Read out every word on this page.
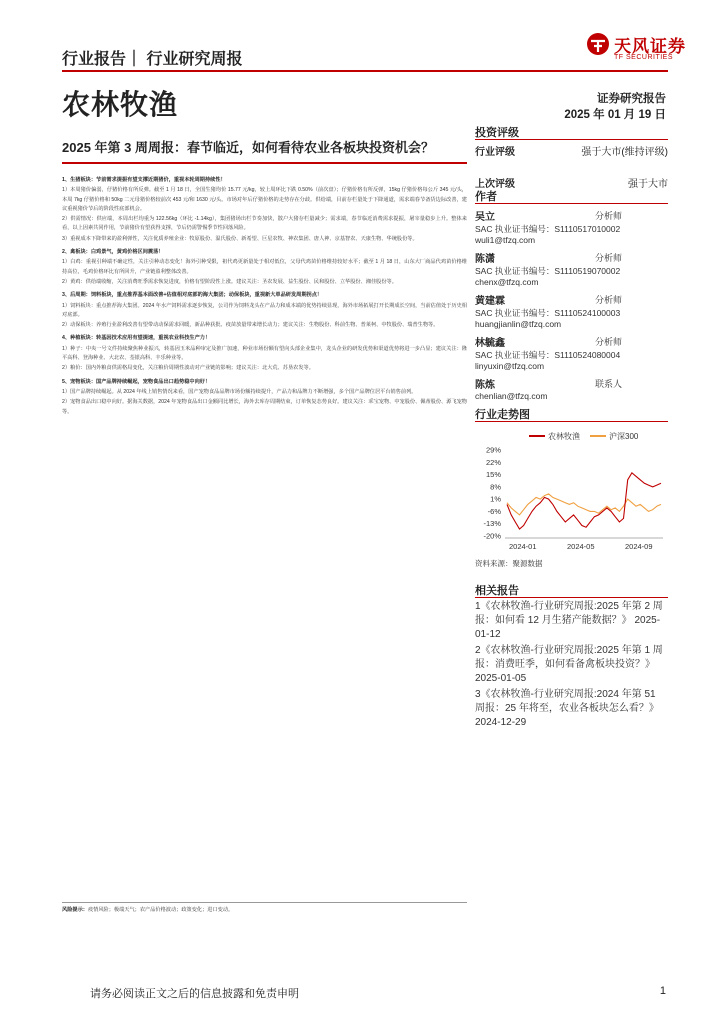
行业报告｜ 行业研究周报
天风证券
TF SECURITIES
农林牧渔	证券研究报告
2025 年 01 月 19 日
2025 年第 3 周周报：春节临近，如何看待农业各板块投资机会？
1、生猪板块：节前需求提振有望支撑近期猪价，重视本轮周期持续性！

1）本周猪价偏弱，仔猪价格有所反弹。截至 1 月 18 日，全国生猪均价 15.77 元/kg，较上周环比下跌 0.50%（前次盘）；仔猪价格有所反弹，15kg 仔猪价格每公斤 345 元/头，本周 7kg 仔猪价格和 50kg 二元母猪价格较前次 453 元/和 1630 元/头。市场对年后仔猪价格的走势存在分歧。供给端，目前存栏量处于下降通道，需求端春节备货边际改善，建议重视猪价节后的阶段性底部机会。

2）供需情况：供应端，本周出栏均重为 122.56kg（环比 -1.14kg），集团猪场出栏节奏加快，散户大猪存栏量减少；需求端，春节临近消费需求提振，屠宰量稳步上升。整体来看，以上因素共同作用，节前猪价有望获得支撑，节后仍需警惕季节性回落风险。

3）重视成本下降带来的盈利弹性，关注优质养殖企业：牧原股份、温氏股份、新希望、巨星农牧、神农集团、唐人神、京基智农、天康生物、华统股份等。

2、禽板块：白鸡景气，黄鸡价格区间震荡！

1）白鸡：重视引种端不确定性，关注引种动态变化！海外引种受限，祖代鸡更新量处于相对低位，父母代鸡苗价格维持较好水平；截至 1 月 18 日，山东大厂商品代鸡苗价格维持高位，毛鸡价格环比有所回升，产业链盈利整体改善。

2）黄鸡：供给端收缩，关注消费旺季需求恢复进度，价格有望阶段性上涨。建议关注：圣农发展、益生股份、民和股份、立华股份、湘佳股份等。

3、后周期：饲料板块，重点推荐基本面改善+估值相对底部的海大集团；动保板块，重视新大单品研发周期拐点！

1）饲料板块：重点推荐海大集团。2024 年水产饲料需求逐步恢复，公司作为饲料龙头在产品力和成本端的优势持续显现，海外市场拓展打开长期成长空间，当前估值处于历史相对底部。

2）动保板块：养殖行业盈利改善有望带动动保需求回暖，新品种获批、疫苗放量带来增长动力；建议关注：生物股份、科前生物、普莱柯、中牧股份、瑞普生物等。

4、种植板块：转基因技术应用有望提速，重视农业科技生产力！

1）种子：中央一号文件持续聚焦种业振兴，转基因玉米品种审定及推广加速，种业市场份额有望向头部企业集中，龙头企业的研发优势和渠道优势将进一步凸显；建议关注：隆平高科、登海种业、大北农、荃银高科、丰乐种业等。

2）粮价：国内外粮食供需格局变化，关注粮价周期性波动对产业链的影响；建议关注：北大荒、苏垦农发等。

5、宠物板块：国产品牌持续崛起，宠物食品出口趋势稳中向好！

1）国产品牌持续崛起。从 2024 年线上销售情况来看，国产宠物食品品牌市场份额持续提升，产品力和品牌力不断增强，多个国产品牌位居平台销售前列。

2）宠物食品出口稳中向好。据海关数据，2024 年宠物食品出口金额同比增长，海外去库存周期结束，订单恢复态势良好。建议关注：乖宝宠物、中宠股份、佩蒂股份、源飞宠物等。

风险提示：疫情风险；极端天气；农产品价格波动；政策变化；进口变动。
投资评级
行业评级	强于大市(维持评级)
上次评级	强于大市
作者
吴立	分析师
SAC 执业证书编号：S1110517010002
wuli1@tfzq.com
陈潇	分析师
SAC 执业证书编号：S1110519070002
chenx@tfzq.com
黄建霖	分析师
SAC 执业证书编号：S1110524100003
huangjianlin@tfzq.com
林毓鑫	分析师
SAC 执业证书编号：S1110524080004
linyuxin@tfzq.com
陈炼	联系人
chenlian@tfzq.com
行业走势图
农林牧渔	沪深300
29%
22%
15%
8%
1%
-6%
-13%
-20%
2024-01	2024-05	2024-09
资料来源：聚源数据
相关报告
1《农林牧渔-行业研究周报:2025 年第 2 周报：如何看 12 月生猪产能数据？》 2025-01-12
2《农林牧渔-行业研究周报:2025 年第 1 周报：消费旺季，如何看备禽板块投资？》 2025-01-05
3《农林牧渔-行业研究周报:2024 年第 51 周报：25 年将至，农业各板块怎么看？》 2024-12-29
请务必阅读正文之后的信息披露和免责申明	1
